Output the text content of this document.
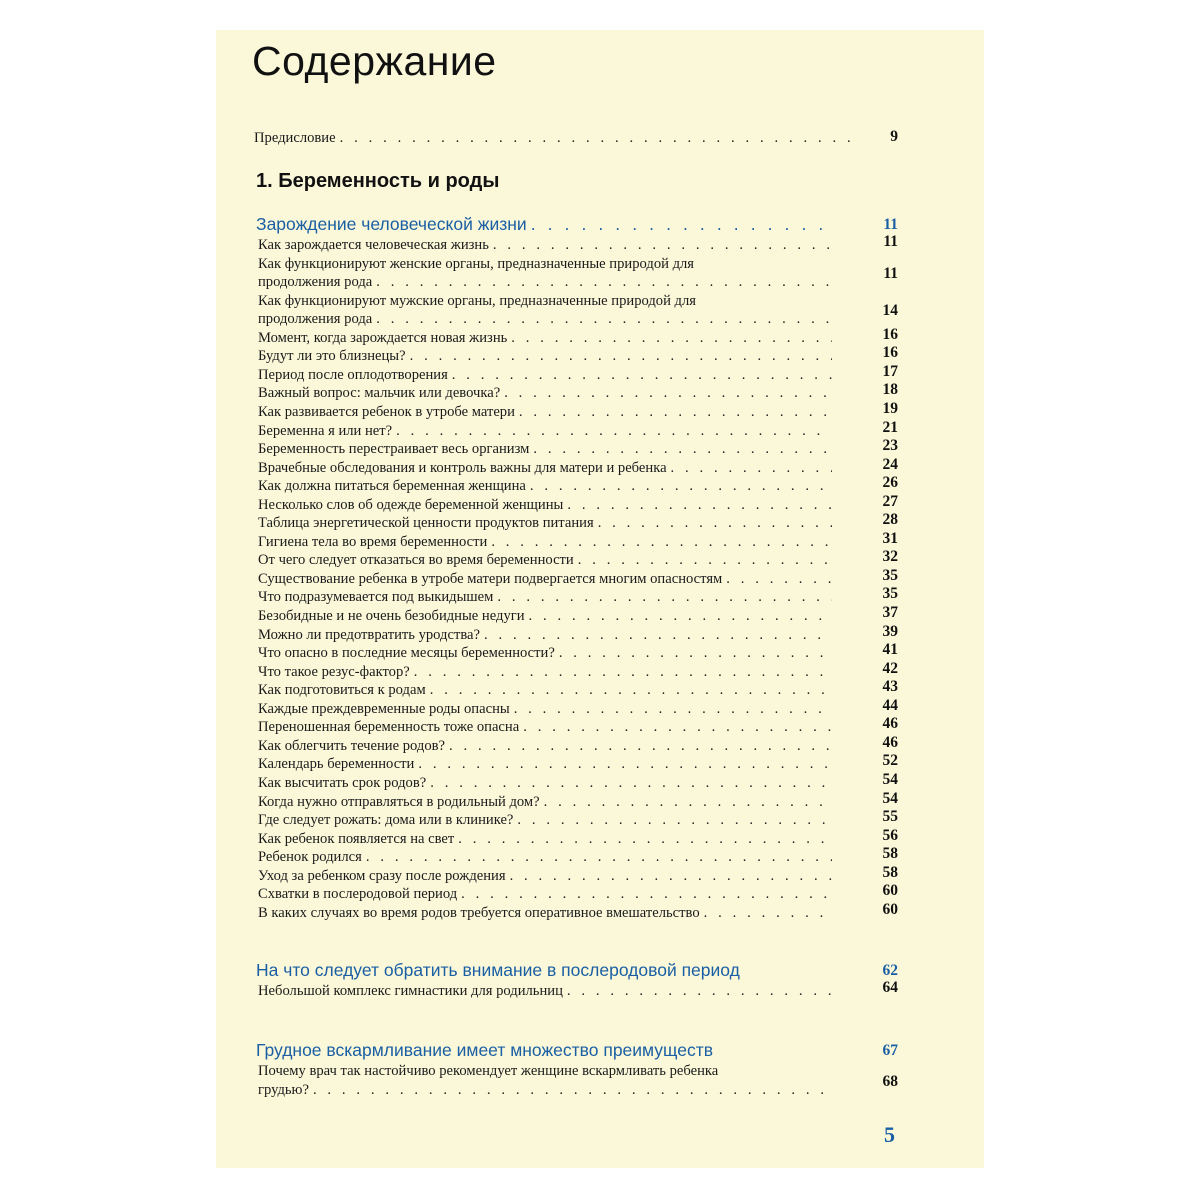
Содержание
Предисловие . . .	9
1. Беременность и роды
Зарождение человеческой жизни . . .	11
Как зарождается человеческая жизнь . . .	11
Как функционируют женские органы, предназначенные природой для
продолжения рода
. . .	11
Как функционируют мужские органы, предназначенные природой для
продолжения рода
. . .	14
Момент, когда зарождается новая жизнь . . .	16
Будут ли это близнецы? . . .	16
Период после оплодотворения . . .	17
Важный вопрос: мальчик или девочка? . . .	18
Как развивается ребенок в утробе матери . . .	19
Беременна я или нет? . . .	21
Беременность перестраивает весь организм . . .	23
Врачебные обследования и контроль важны для матери и ребенка . . .	24
Как должна питаться беременная женщина . . .	26
Несколько слов об одежде беременной женщины . . .	27
Таблица энергетической ценности продуктов питания . . .	28
Гигиена тела во время беременности . . .	31
От чего следует отказаться во время беременности . . .	32
Существование ребенка в утробе матери подвергается многим опасностям . . .	35
Что подразумевается под выкидышем . . .	35
Безобидные и не очень безобидные недуги . . .	37
Можно ли предотвратить уродства? . . .	39
Что опасно в последние месяцы беременности? . . .	41
Что такое резус-фактор? . . .	42
Как подготовиться к родам . . .	43
Каждые преждевременные роды опасны . . .	44
Переношенная беременность тоже опасна . . .	46
Как облегчить течение родов? . . .	46
Календарь беременности . . .	52
Как высчитать срок родов? . . .	54
Когда нужно отправляться в родильный дом? . . .	54
Где следует рожать: дома или в клинике? . . .	55
Как ребенок появляется на свет . . .	56
Ребенок родился . . .	58
Уход за ребенком сразу после рождения . . .	58
Схватки в послеродовой период . . .	60
В каких случаях во время родов требуется оперативное вмешательство . . .	60
На что следует обратить внимание в послеродовой период	62
Небольшой комплекс гимнастики для родильниц . . .	64
Грудное вскармливание имеет множество преимуществ	67
Почему врач так настойчиво рекомендует женщине вскармливать ребенка
грудью?
. . .	68
5
